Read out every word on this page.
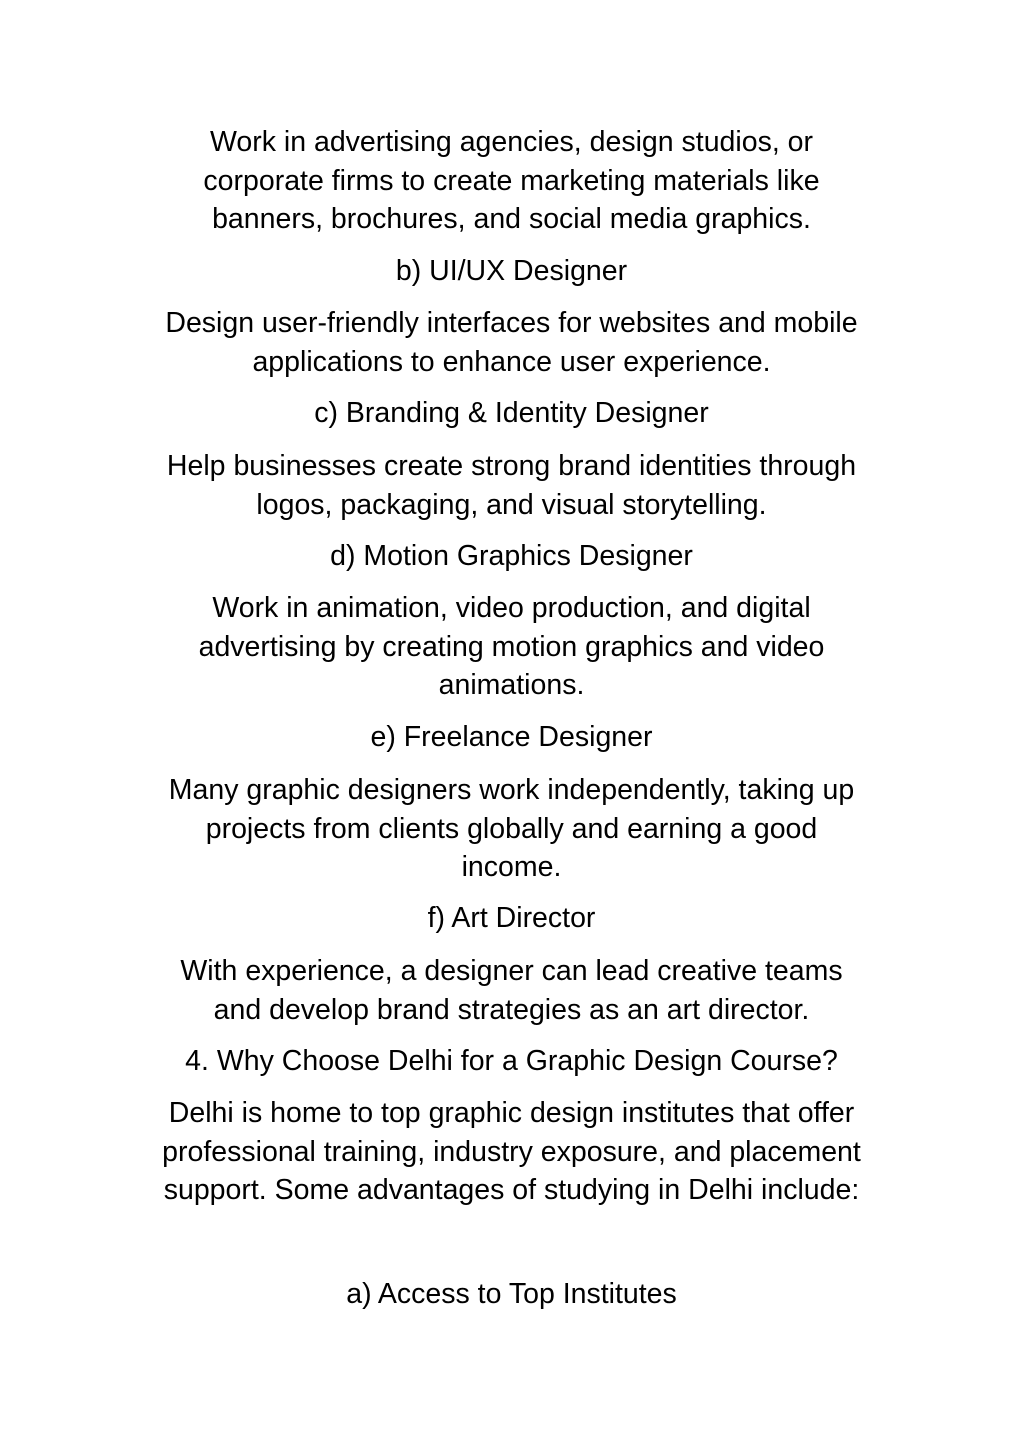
Work in advertising agencies, design studios, or
corporate firms to create marketing materials like
banners, brochures, and social media graphics.

b) UI/UX Designer

Design user-friendly interfaces for websites and mobile
applications to enhance user experience.

c) Branding & Identity Designer

Help businesses create strong brand identities through
logos, packaging, and visual storytelling.

d) Motion Graphics Designer

Work in animation, video production, and digital
advertising by creating motion graphics and video
animations.

e) Freelance Designer

Many graphic designers work independently, taking up
projects from clients globally and earning a good
income.

f) Art Director

With experience, a designer can lead creative teams
and develop brand strategies as an art director.

4. Why Choose Delhi for a Graphic Design Course?

Delhi is home to top graphic design institutes that offer
professional training, industry exposure, and placement
support. Some advantages of studying in Delhi include:

a) Access to Top Institutes
